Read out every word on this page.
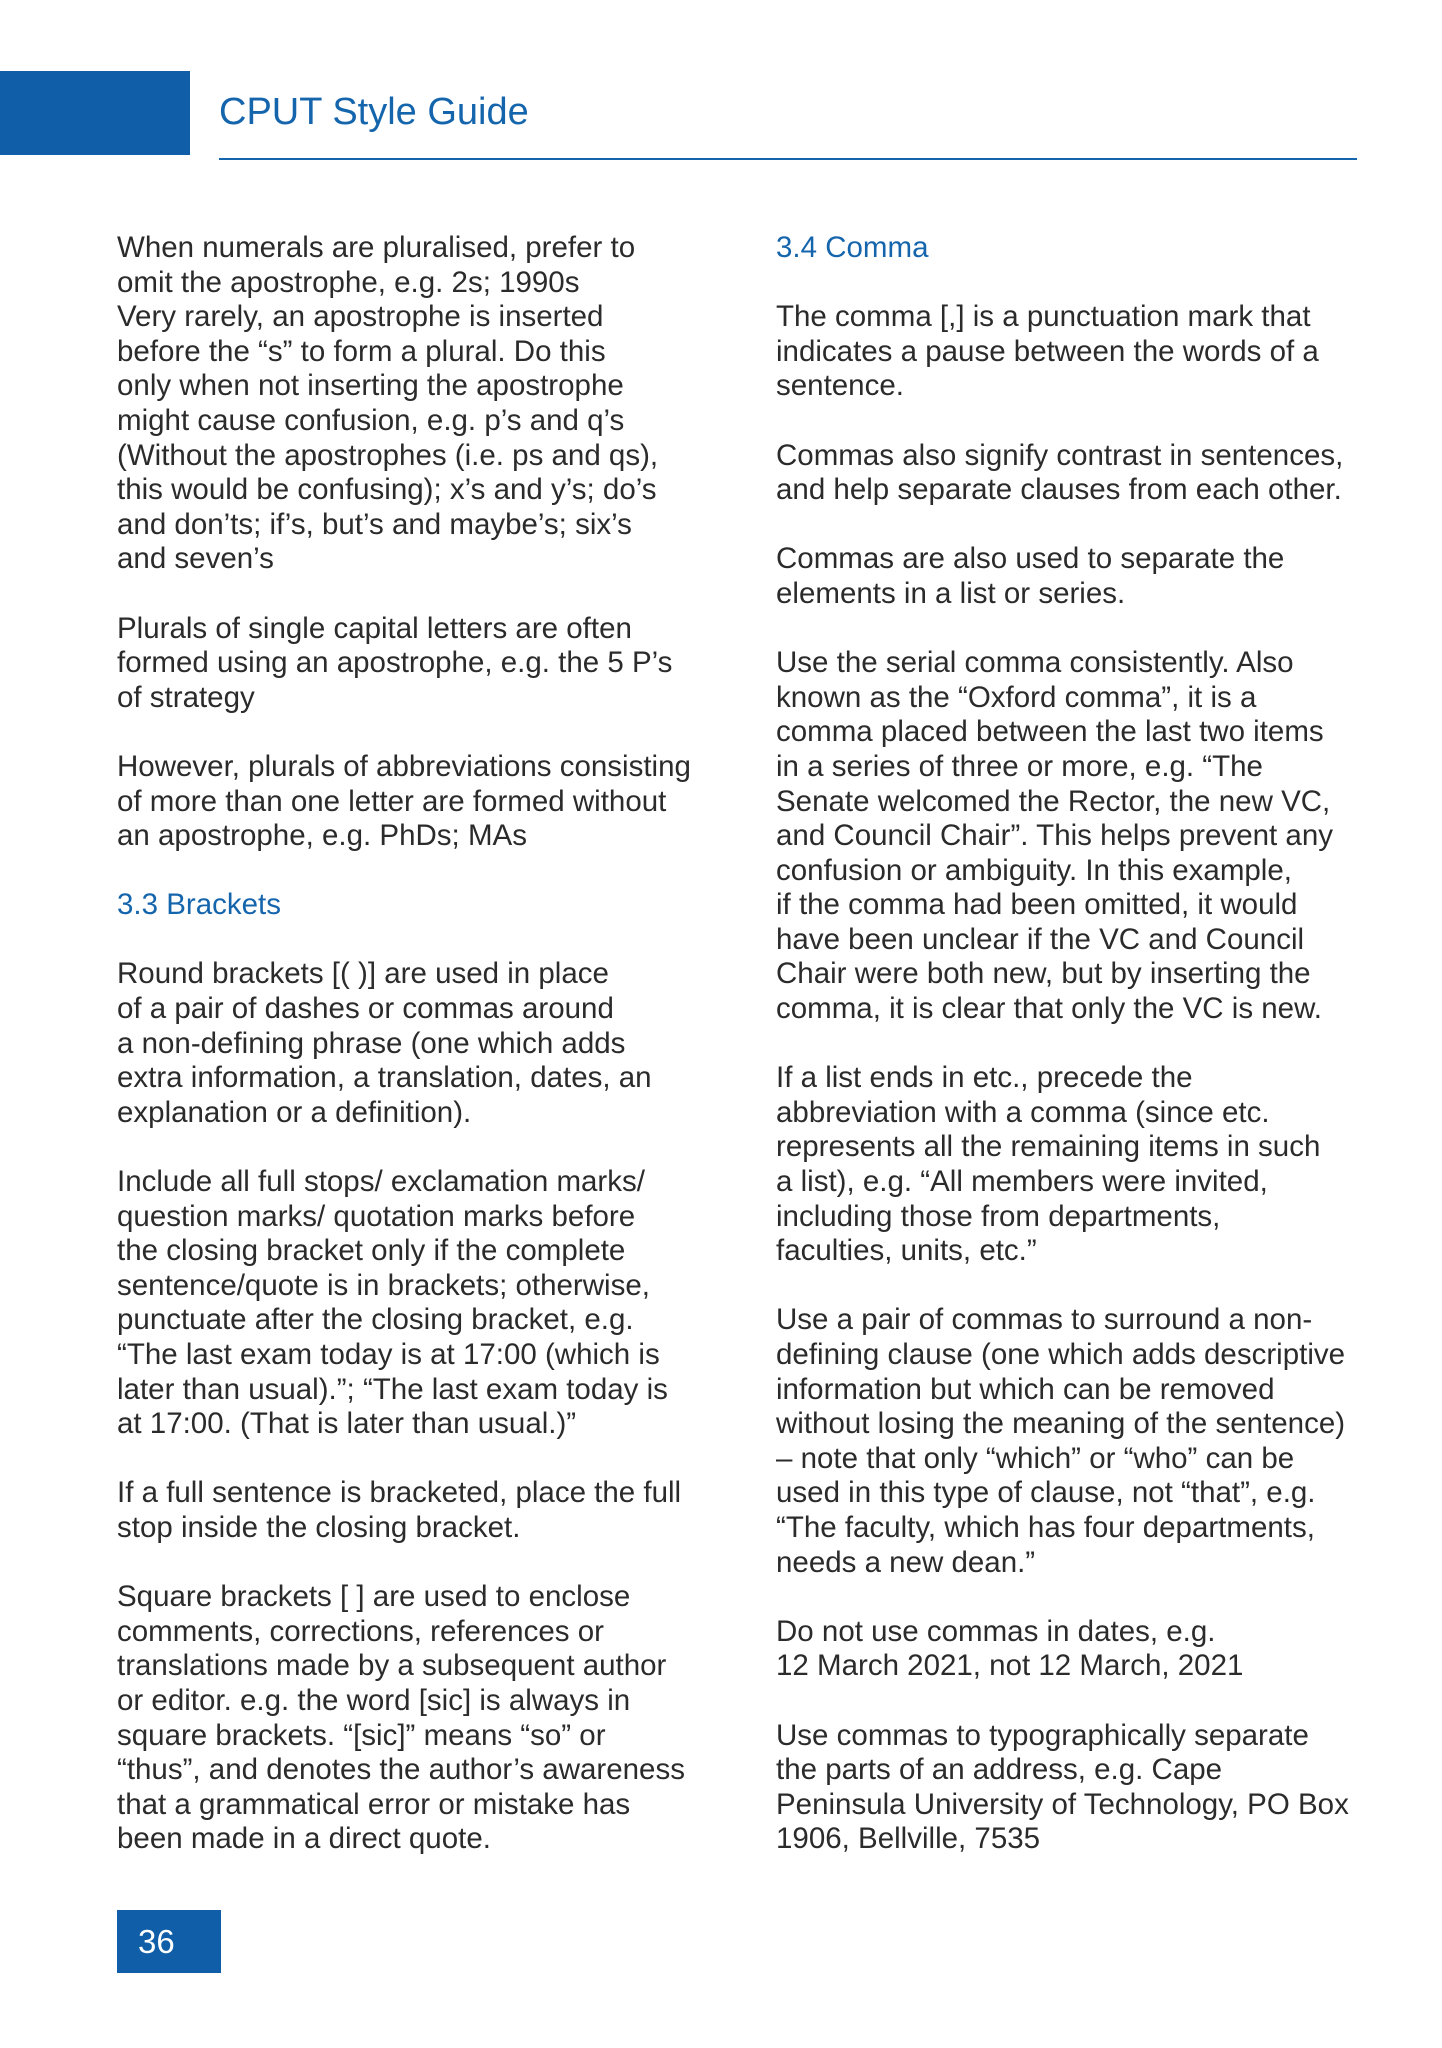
CPUT Style Guide

When numerals are pluralised, prefer to
omit the apostrophe, e.g. 2s; 1990s

Very rarely, an apostrophe is inserted
before the “s” to form a plural. Do this
only when not inserting the apostrophe
might cause confusion, e.g. p’s and q’s
(Without the apostrophes (i.e. ps and qs),
this would be confusing); x’s and y’s; do’s
and don’ts; if’s, but’s and maybe’s; six’s
and seven’s

Plurals of single capital letters are often
formed using an apostrophe, e.g. the 5 P’s
of strategy

However, plurals of abbreviations consisting
of more than one letter are formed without
an apostrophe, e.g. PhDs; MAs

3.3 Brackets

Round brackets [( )] are used in place
of a pair of dashes or commas around
a non-defining phrase (one which adds
extra information, a translation, dates, an
explanation or a definition).

Include all full stops/ exclamation marks/
question marks/ quotation marks before
the closing bracket only if the complete
sentence/quote is in brackets; otherwise,
punctuate after the closing bracket, e.g.
“The last exam today is at 17:00 (which is
later than usual).”; “The last exam today is
at 17:00. (That is later than usual.)”

If a full sentence is bracketed, place the full
stop inside the closing bracket.

Square brackets [ ] are used to enclose
comments, corrections, references or
translations made by a subsequent author
or editor. e.g. the word [sic] is always in
square brackets. “[sic]” means “so” or
“thus”, and denotes the author’s awareness
that a grammatical error or mistake has
been made in a direct quote.

3.4 Comma

The comma [,] is a punctuation mark that
indicates a pause between the words of a
sentence.

Commas also signify contrast in sentences,
and help separate clauses from each other.

Commas are also used to separate the
elements in a list or series.

Use the serial comma consistently. Also
known as the “Oxford comma”, it is a
comma placed between the last two items
in a series of three or more, e.g. “The
Senate welcomed the Rector, the new VC,
and Council Chair”. This helps prevent any
confusion or ambiguity. In this example,
if the comma had been omitted, it would
have been unclear if the VC and Council
Chair were both new, but by inserting the
comma, it is clear that only the VC is new.

If a list ends in etc., precede the
abbreviation with a comma (since etc.
represents all the remaining items in such
a list), e.g. “All members were invited,
including those from departments,
faculties, units, etc.”

Use a pair of commas to surround a non-
defining clause (one which adds descriptive
information but which can be removed
without losing the meaning of the sentence)
– note that only “which” or “who” can be
used in this type of clause, not “that”, e.g.
“The faculty, which has four departments,
needs a new dean.”

Do not use commas in dates, e.g.
12 March 2021, not 12 March, 2021

Use commas to typographically separate
the parts of an address, e.g. Cape
Peninsula University of Technology, PO Box
1906, Bellville, 7535

36
